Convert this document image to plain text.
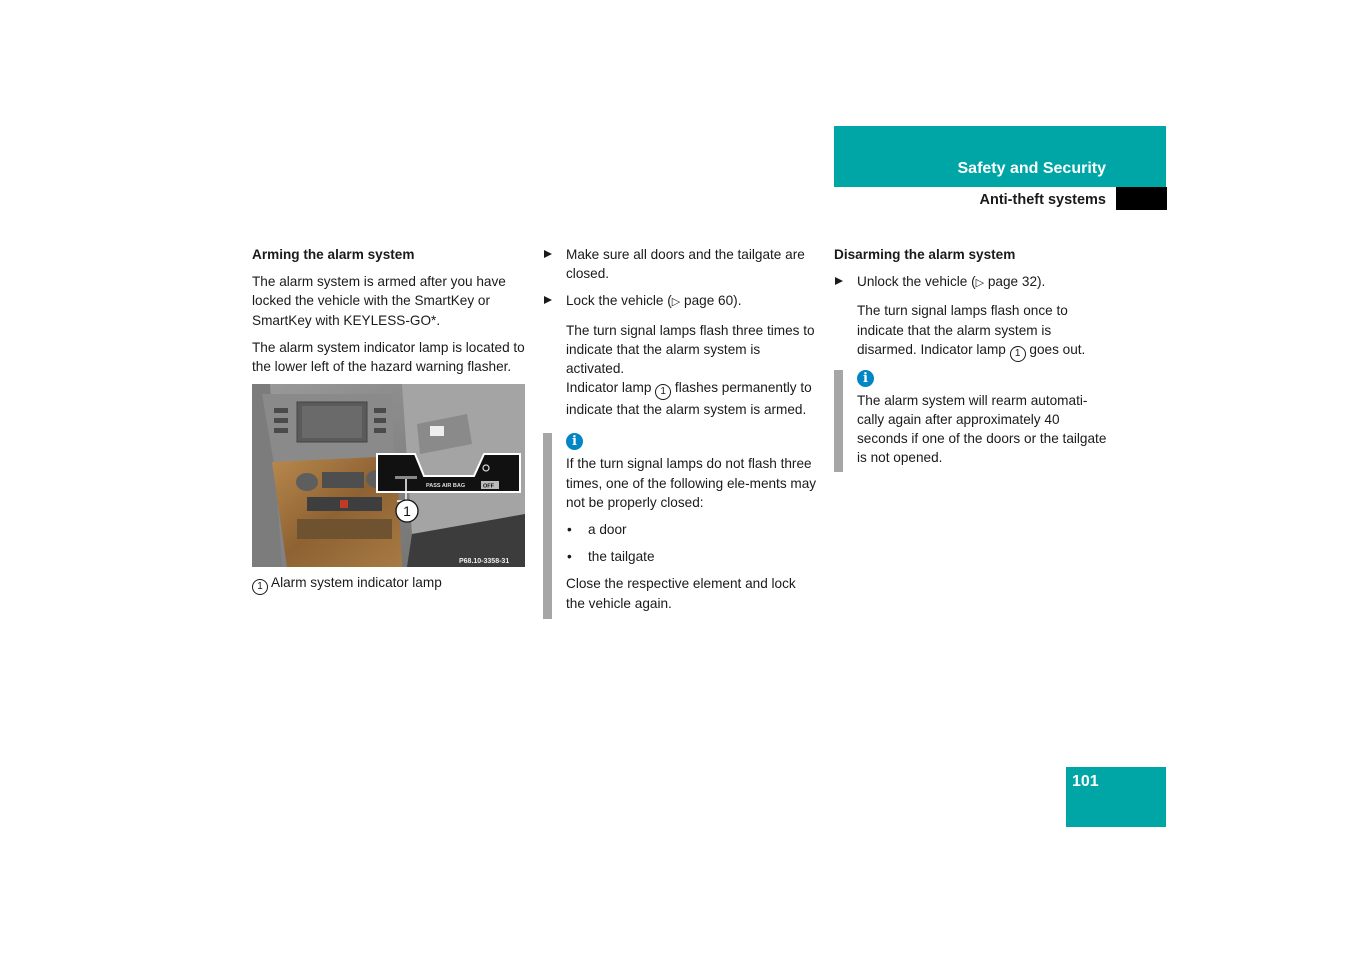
Safety and Security
Anti-theft systems

Arming the alarm system

The alarm system is armed after you have locked the vehicle with the SmartKey or SmartKey with KEYLESS-GO*.

The alarm system indicator lamp is located to the lower left of the hazard warning flasher.

PASS AIR BAG	OFF
1
P68.10-3358-31

1 Alarm system indicator lamp

Make sure all doors and the tailgate are closed.
Lock the vehicle (▷ page 60).

The turn signal lamps flash three times to indicate that the alarm system is activated.

Indicator lamp 1 flashes permanently to indicate that the alarm system is armed.

i

If the turn signal lamps do not flash three times, one of the following ele-ments may not be properly closed:

• a door
• the tailgate

Close the respective element and lock the vehicle again.

Disarming the alarm system

Unlock the vehicle (▷ page 32).

The turn signal lamps flash once to indicate that the alarm system is disarmed. Indicator lamp 1 goes out.

i

The alarm system will rearm automati-cally again after approximately 40 seconds if one of the doors or the tailgate is not opened.

101
